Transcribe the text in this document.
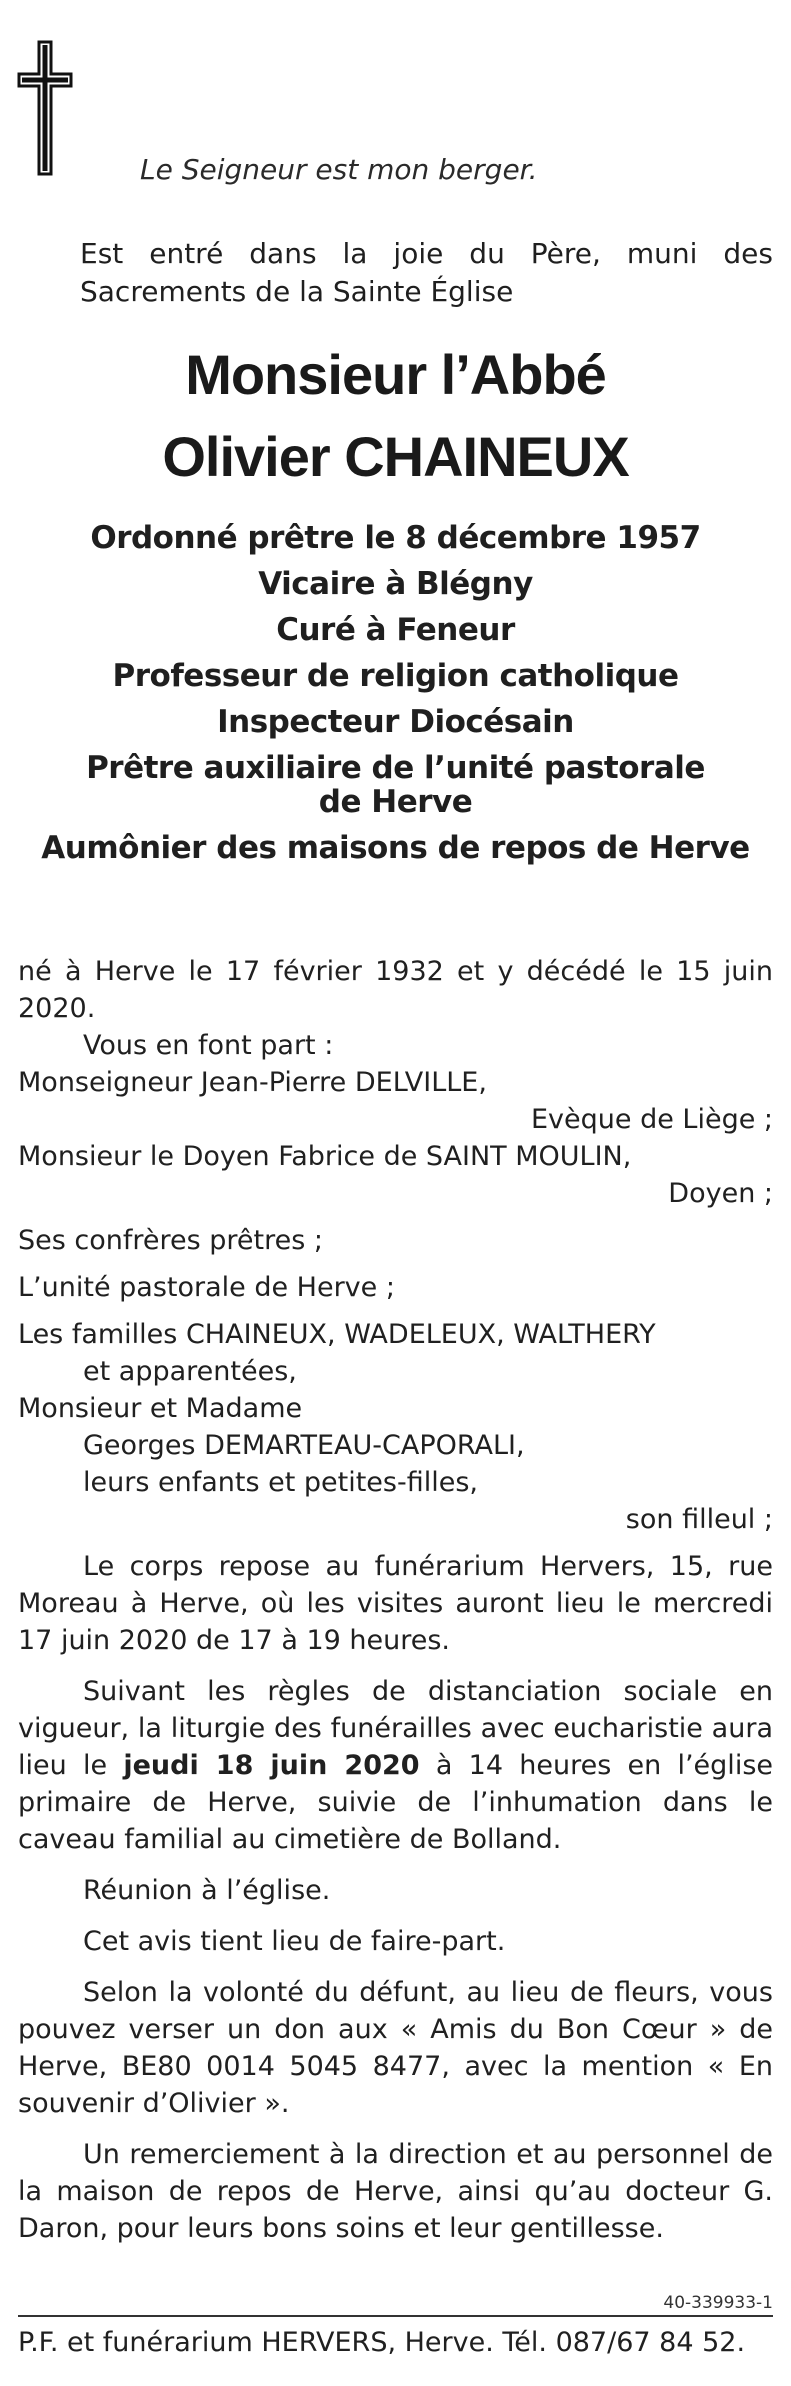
Le Seigneur est mon berger.
Est entré dans la joie du Père, muni des Sacrements de la Sainte Église
Monsieur l’Abbé
Olivier CHAINEUX
Ordonné prêtre le 8 décembre 1957
Vicaire à Blégny
Curé à Feneur
Professeur de religion catholique
Inspecteur Diocésain
Prêtre auxiliaire de l’unité pastorale
de Herve
Aumônier des maisons de repos de Herve

né à Herve le 17 février 1932 et y décédé le 15 juin 2020.

Vous en font part :

Monseigneur Jean-Pierre DELVILLE,

Evèque de Liège ;

Monsieur le Doyen Fabrice de SAINT MOULIN,

Doyen ;

Ses confrères prêtres ;

L’unité pastorale de Herve ;

Les familles CHAINEUX, WADELEUX, WALTHERY

et apparentées,

Monsieur et Madame

Georges DEMARTEAU-CAPORALI,

leurs enfants et petites-filles,

son filleul ;

Le corps repose au funérarium Hervers, 15, rue Moreau à Herve, où les visites auront lieu le mercredi 17 juin 2020 de 17 à 19 heures.

Suivant les règles de distanciation sociale en vigueur, la liturgie des funérailles avec eucharistie aura lieu le jeudi 18 juin 2020 à 14 heures en l’église primaire de Herve, suivie de l’inhumation dans le caveau familial au cimetière de Bolland.

Réunion à l’église.

Cet avis tient lieu de faire-part.

Selon la volonté du défunt, au lieu de fleurs, vous pouvez verser un don aux « Amis du Bon Cœur » de Herve, BE80 0014 5045 8477, avec la mention « En souvenir d’Olivier ».

Un remerciement à la direction et au personnel de la maison de repos de Herve, ainsi qu’au docteur G. Daron, pour leurs bons soins et leur gentillesse.

40-339933-1
P.F. et funérarium HERVERS, Herve. Tél. 087/67 84 52.
